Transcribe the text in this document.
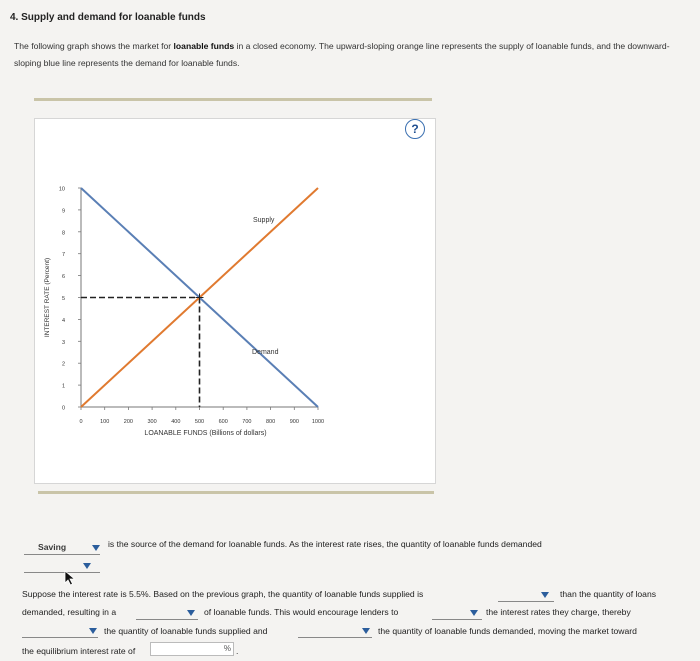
4. Supply and demand for loanable funds
The following graph shows the market for loanable funds in a closed economy. The upward-sloping orange line represents the supply of loanable funds, and the downward-sloping blue line represents the demand for loanable funds.
?
0
1
2
3
4
5
6
7
8
9
10
0	100	200	300	400	500	600	700	800	900 1000
LOANABLE FUNDS (Billions of dollars)
INTEREST RATE (Percent)
Supply
Demand
Saving	is the source of the demand for loanable funds. As the interest rate rises, the quantity of loanable funds demanded
Suppose the interest rate is 5.5%. Based on the previous graph, the quantity of loanable funds supplied is	than the quantity of loans
demanded, resulting in a	of loanable funds. This would encourage lenders to	the interest rates they charge, thereby
the quantity of loanable funds supplied and	the quantity of loanable funds demanded, moving the market toward
the equilibrium interest rate of	% .
